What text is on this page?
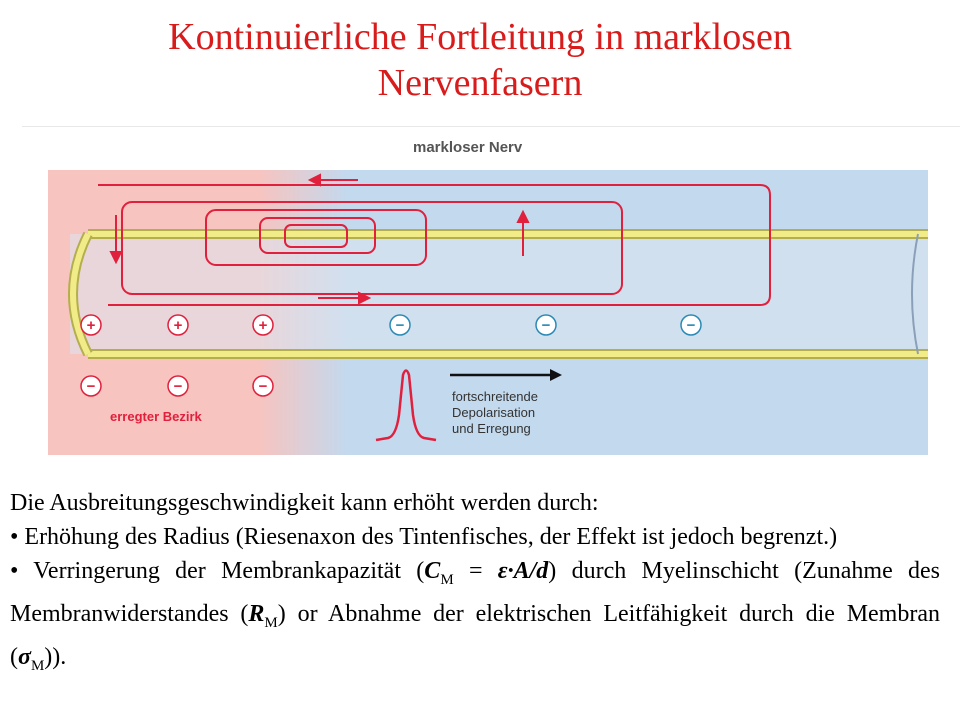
Kontinuierliche Fortleitung in marklosen
Nervenfasern
markloser Nerv
+	+	+	−	−	−
−	−	−
erregter Bezirk
fortschreitende
Depolarisation
und Erregung

Die Ausbreitungsgeschwindigkeit kann erhöht werden durch:

• Erhöhung des Radius (Riesenaxon des Tintenfisches, der Effekt ist jedoch begrenzt.)

• Verringerung der Membrankapazität $(C_M = \varepsilon\cdot A/d)$ durch Myelinschicht (Zunahme des Membranwiderstandes $(R_M)$ or Abnahme der elektrischen Leitfähigkeit durch die Membran $(\sigma_M)$).
